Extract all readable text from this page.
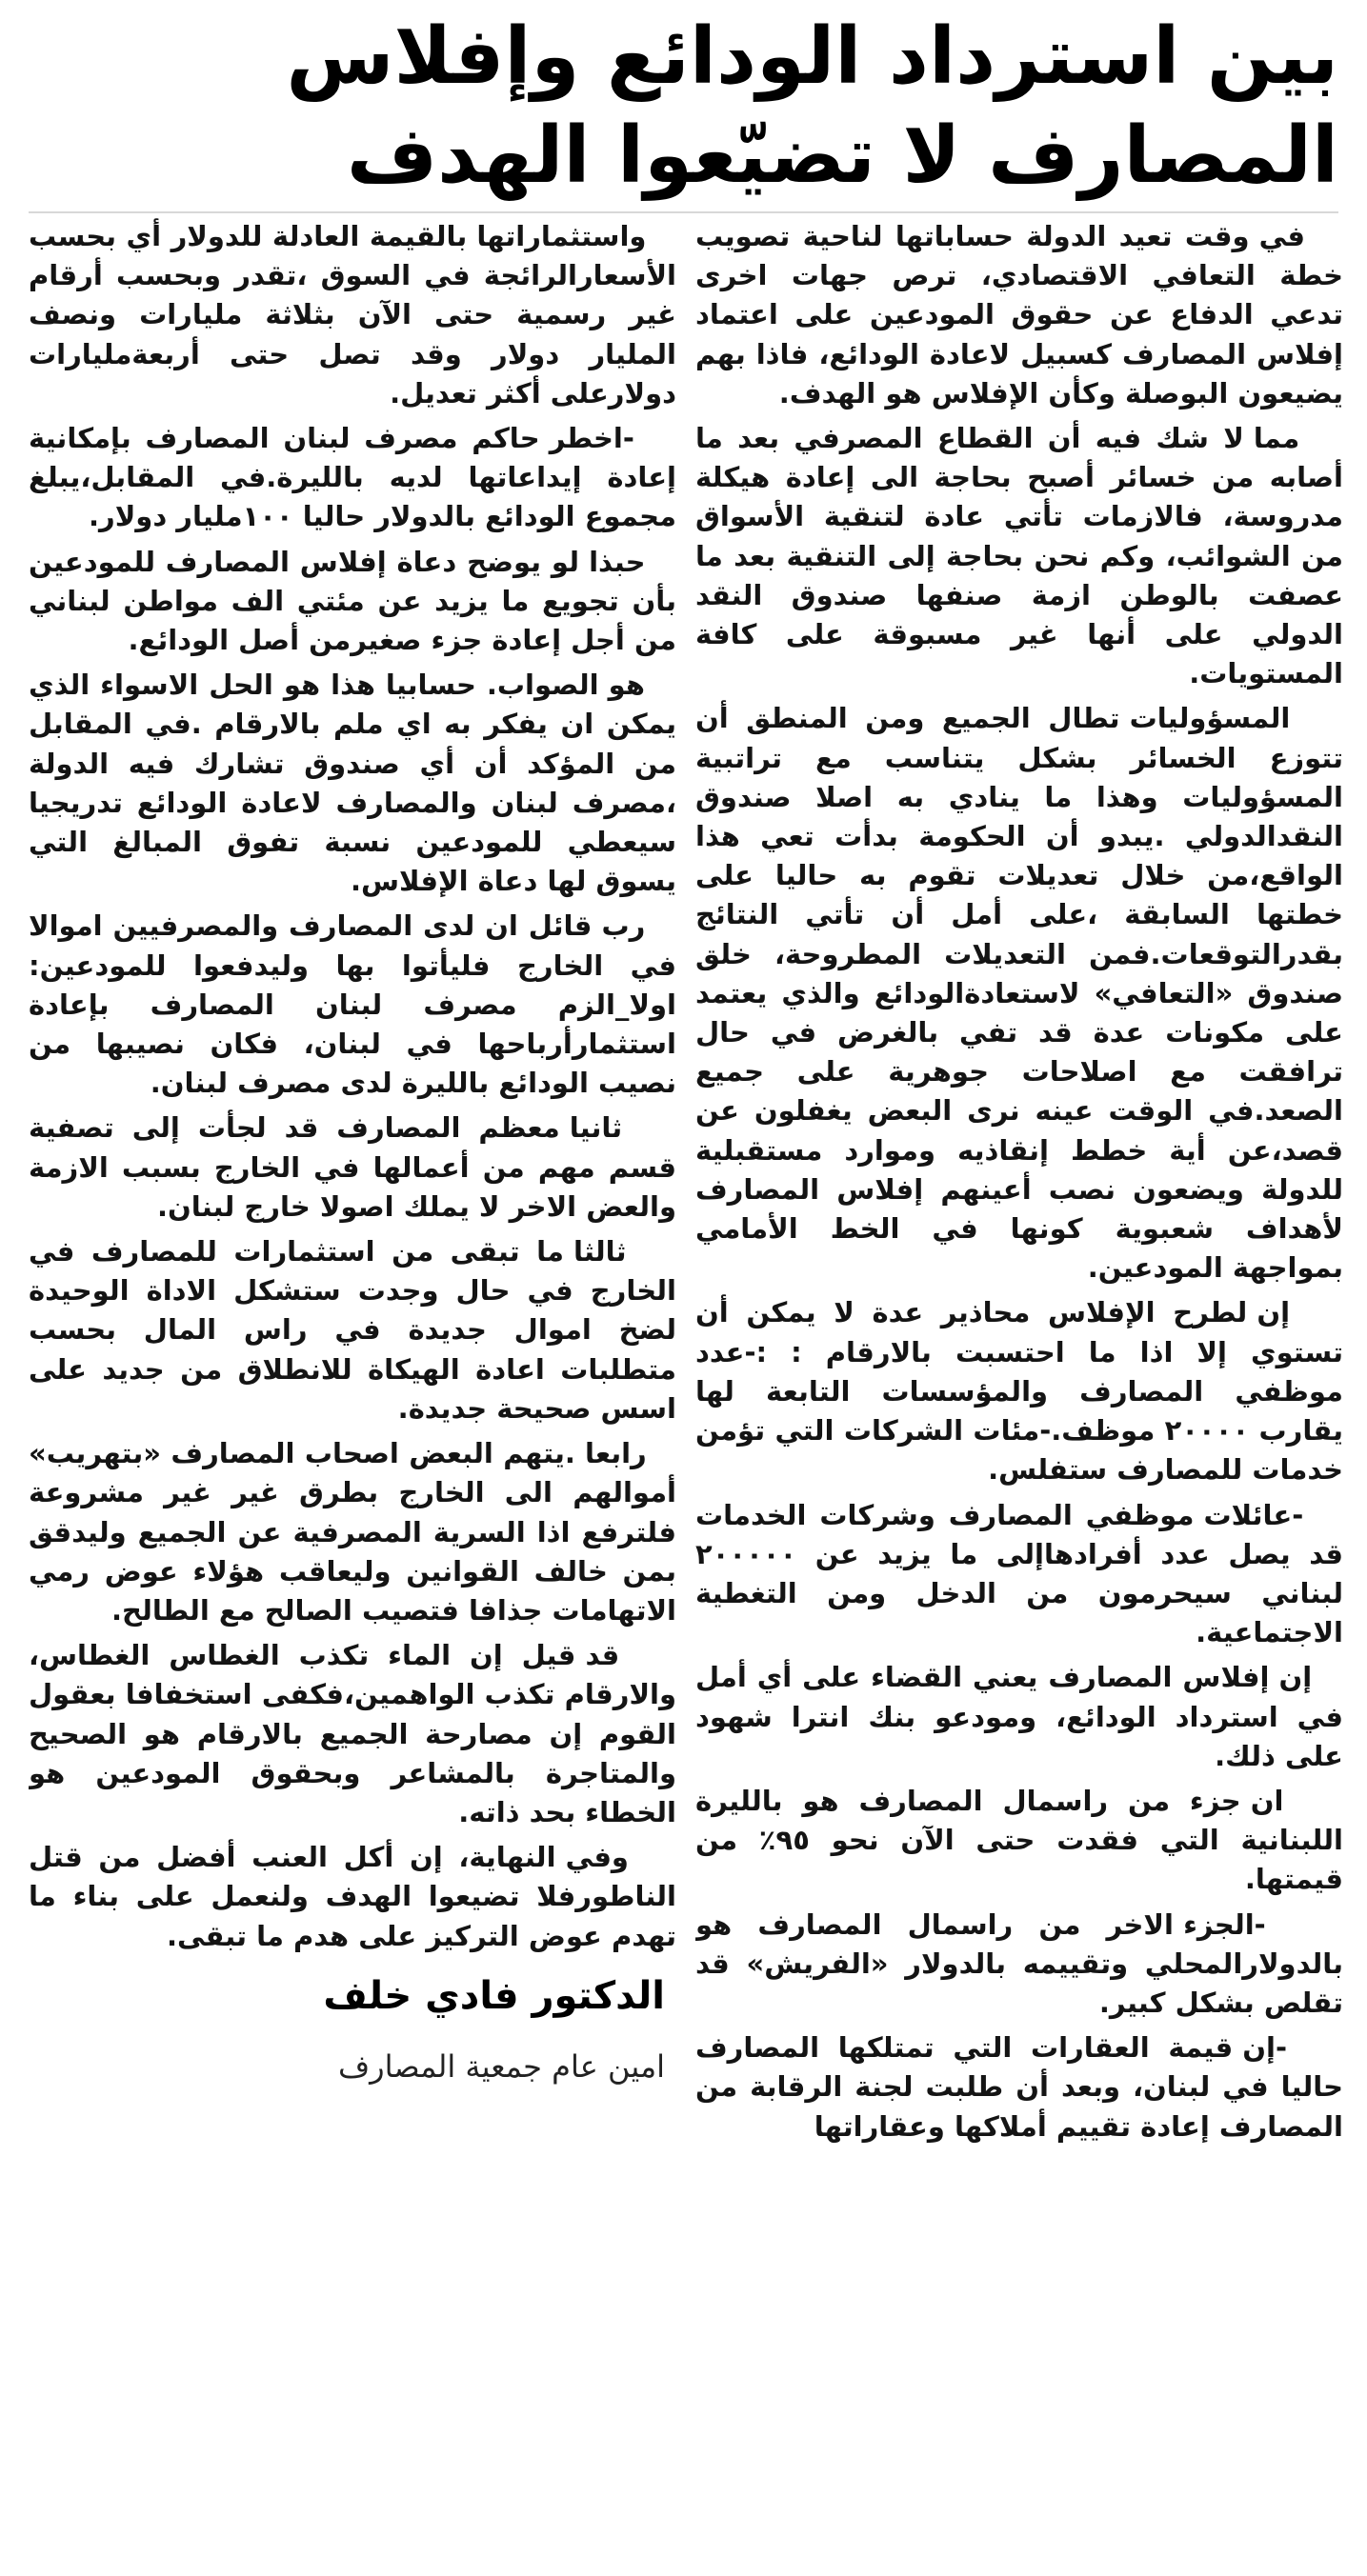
بين استرداد الودائع وإفلاس
المصارف لا تضيّعوا الهدف

في وقت تعيد الدولة حساباتها لناحية تصويب خطة التعافي الاقتصادي، ترص جهات اخرى تدعي الدفاع عن حقوق المودعين على اعتماد إفلاس المصارف كسبيل لاعادة الودائع، فاذا بهم يضيعون البوصلة وكأن الإفلاس هو الهدف.

مما لا شك فيه أن القطاع المصرفي بعد ما أصابه من خسائر أصبح بحاجة الى إعادة هيكلة مدروسة، فالازمات تأتي عادة لتنقية الأسواق من الشوائب، وكم نحن بحاجة إلى التنقية بعد ما عصفت بالوطن ازمة صنفها صندوق النقد الدولي على أنها غير مسبوقة على كافة المستويات.

المسؤوليات تطال الجميع ومن المنطق أن تتوزع الخسائر بشكل يتناسب مع تراتبية المسؤوليات وهذا ما ينادي به اصلا صندوق النقدالدولي .يبدو أن الحكومة بدأت تعي هذا الواقع،من خلال تعديلات تقوم به حاليا على خطتها السابقة ،على أمل أن تأتي النتائج بقدرالتوقعات.فمن التعديلات المطروحة، خلق صندوق «التعافي» لاستعادةالودائع والذي يعتمد على مكونات عدة قد تفي بالغرض في حال ترافقت مع اصلاحات جوهرية على جميع الصعد.في الوقت عينه نرى البعض يغفلون عن قصد،عن أية خطط إنقاذيه وموارد مستقبلية للدولة ويضعون نصب أعينهم إفلاس المصارف لأهداف شعبوية كونها في الخط الأمامي بمواجهة المودعين.

إن لطرح الإفلاس محاذير عدة لا يمكن أن تستوي إلا اذا ما احتسبت بالارقام : :-عدد موظفي المصارف والمؤسسات التابعة لها يقارب ٢٠٠٠٠ موظف.-مئات الشركات التي تؤمن خدمات للمصارف ستفلس.

-عائلات موظفي المصارف وشركات الخدمات قد يصل عدد أفرادهاإلى ما يزيد عن ٢٠٠٠٠٠ لبناني سيحرمون من الدخل ومن التغطية الاجتماعية.

إن إفلاس المصارف يعني القضاء على أي أمل في استرداد الودائع، ومودعو بنك انترا شهود على ذلك.

ان جزء من راسمال المصارف هو بالليرة اللبنانية التي فقدت حتى الآن نحو ٩٥٪ من قيمتها.

-الجزء الاخر من راسمال المصارف هو بالدولارالمحلي وتقييمه بالدولار «الفريش» قد تقلص بشكل كبير.

-إن قيمة العقارات التي تمتلكها المصارف حاليا في لبنان، وبعد أن طلبت لجنة الرقابة من المصارف إعادة تقييم أملاكها وعقاراتها

واستثماراتها بالقيمة العادلة للدولار أي بحسب الأسعارالرائجة في السوق ،تقدر وبحسب أرقام غير رسمية حتى الآن بثلاثة مليارات ونصف المليار دولار وقد تصل حتى أربعةمليارات دولارعلى أكثر تعديل.

-اخطر حاكم مصرف لبنان المصارف بإمكانية إعادة إيداعاتها لديه بالليرة.في المقابل،يبلغ مجموع الودائع بالدولار حاليا ١٠٠مليار دولار.

حبذا لو يوضح دعاة إفلاس المصارف للمودعين بأن تجويع ما يزيد عن مئتي الف مواطن لبناني من أجل إعادة جزء صغيرمن أصل الودائع.

هو الصواب. حسابيا هذا هو الحل الاسواء الذي يمكن ان يفكر به اي ملم بالارقام .في المقابل من المؤكد أن أي صندوق تشارك فيه الدولة ،مصرف لبنان والمصارف لاعادة الودائع تدريجيا سيعطي للمودعين نسبة تفوق المبالغ التي يسوق لها دعاة الإفلاس.

رب قائل ان لدى المصارف والمصرفيين اموالا في الخارج فليأتوا بها وليدفعوا للمودعين: اولا_الزم مصرف لبنان المصارف بإعادة استثمارأرباحها في لبنان، فكان نصيبها من نصيب الودائع بالليرة لدى مصرف لبنان.

ثانيا معظم المصارف قد لجأت إلى تصفية قسم مهم من أعمالها في الخارج بسبب الازمة والعض الاخر لا يملك اصولا خارج لبنان.

ثالثا ما تبقى من استثمارات للمصارف في الخارج في حال وجدت ستشكل الاداة الوحيدة لضخ اموال جديدة في راس المال بحسب متطلبات اعادة الهيكاة للانطلاق من جديد على اسس صحيحة جديدة.

رابعا .يتهم البعض اصحاب المصارف «بتهريب» أموالهم الى الخارج بطرق غير غير مشروعة فلترفع اذا السرية المصرفية عن الجميع وليدقق بمن خالف القوانين وليعاقب هؤلاء عوض رمي الاتهامات جذافا فتصيب الصالح مع الطالح.

قد قيل إن الماء تكذب الغطاس الغطاس، والارقام تكذب الواهمين،فكفى استخفافا بعقول القوم إن مصارحة الجميع بالارقام هو الصحيح والمتاجرة بالمشاعر وبحقوق المودعين هو الخطاء بحد ذاته.

وفي النهاية، إن أكل العنب أفضل من قتل الناطورفلا تضيعوا الهدف ولنعمل على بناء ما تهدم عوض التركيز على هدم ما تبقى.

الدكتور فادي خلف
امين عام جمعية المصارف
